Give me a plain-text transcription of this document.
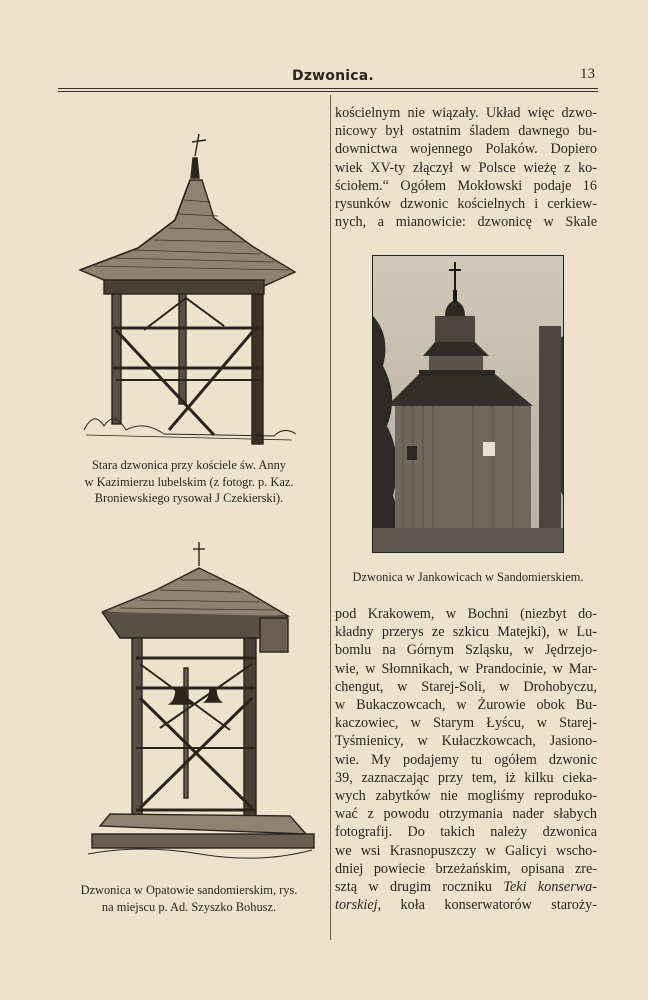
Dzwonica.	13
Stara dzwonica przy kościele św. Anny
w Kazimierzu lubelskim (z fotogr. p. Kaz.
Broniewskiego rysował J Czekierski).
Dzwonica w Opatowie sandomierskim, rys.
na miejscu p. Ad. Szyszko Bohusz.
kościelnym nie wiązały. Układ więc dzwo-
nicowy był ostatnim śladem dawnego bu-
downictwa wojennego Polaków. Dopiero
wiek XV-ty złączył w Polsce wieżę z ko-
ściołem.“ Ogółem Mokłowski podaje 16
rysunków dzwonic kościelnych i cerkiew-
nych, a mianowicie: dzwonicę w Skale
Dzwonica w Jankowicach w Sandomierskiem.
pod Krakowem, w Bochni (niezbyt do-
kładny przerys ze szkicu Matejki), w Lu-
bomlu na Górnym Szląsku, w Jędrzejo-
wie, w Słomnikach, w Prandocinie, w Mar-
chengut, w Starej-Soli, w Drohobyczu,
w Bukaczowcach, w Żurowie obok Bu-
kaczowiec, w Starym Łyścu, w Starej-
Tyśmienicy, w Kułaczkowcach, Jasiono-
wie. My podajemy tu ogółem dzwonic
39, zaznaczając przy tem, iż kilku cieka-
wych zabytków nie mogliśmy reproduko-
wać z powodu otrzymania nader słabych
fotografij. Do takich należy dzwonica
we wsi Krasnopuszczy w Galicyi wscho-
dniej powiecie brzeżańskim, opisana zre-
sztą w drugim roczniku Teki konserwa-
torskiej, koła konserwatorów staroży-
